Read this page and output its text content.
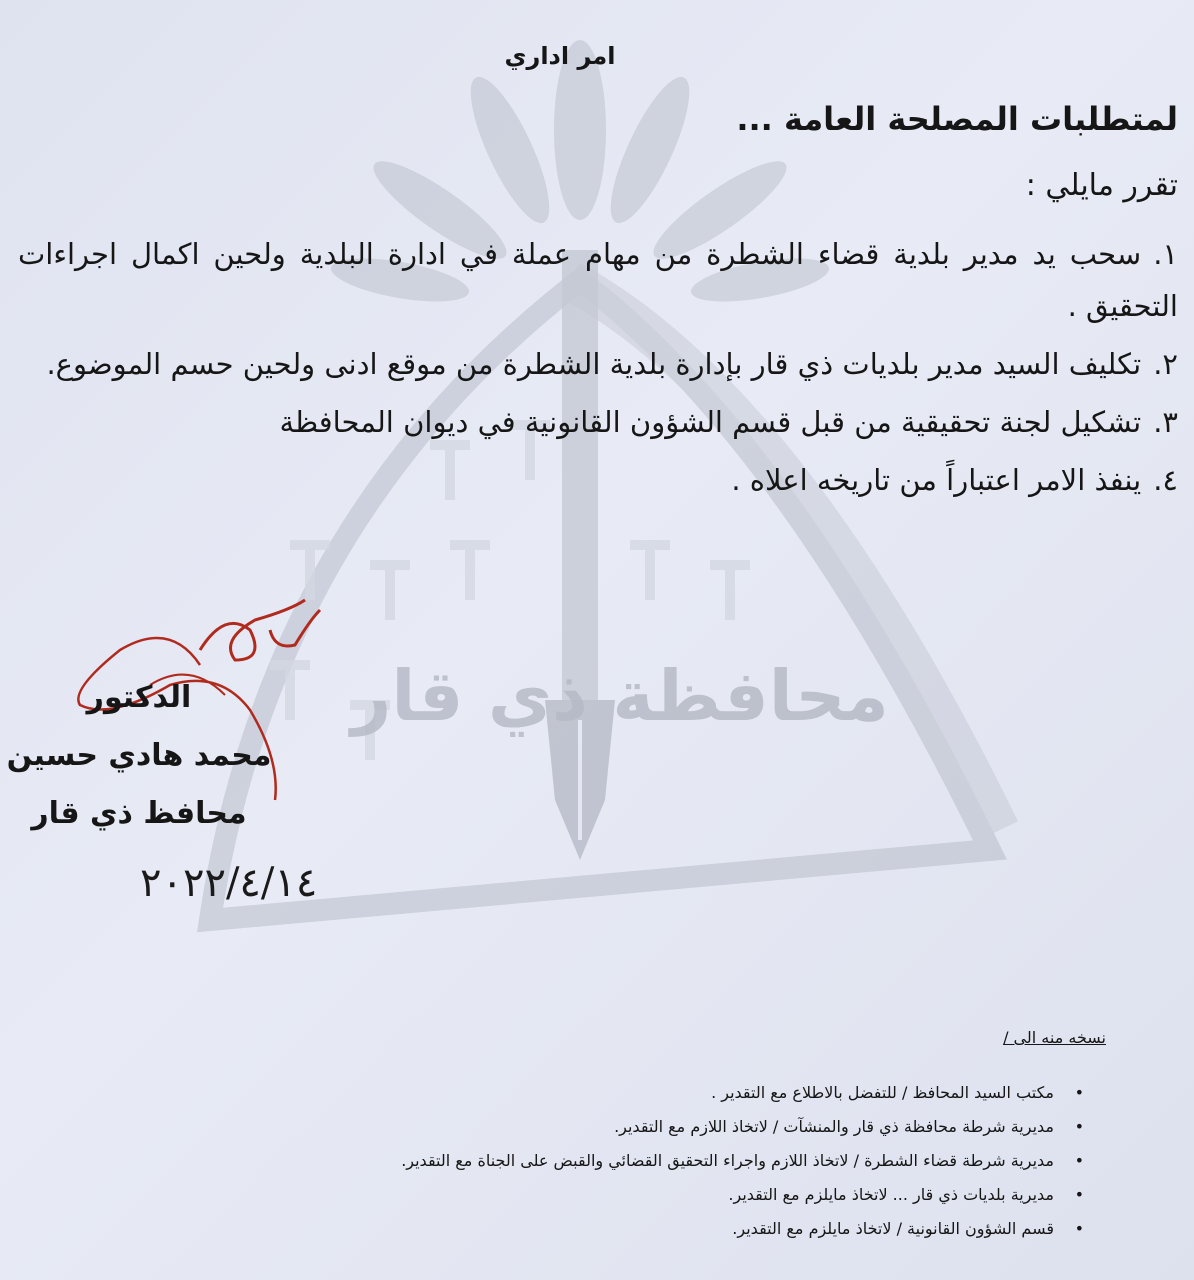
محافظة ذي قار
امر اداري
لمتطلبات المصلحة العامة ...
تقرر مايلي :
١.سحب يد مدير بلدية قضاء الشطرة من مهام عملة في ادارة البلدية ولحين اكمال اجراءات التحقيق .
٢.تكليف السيد مدير بلديات ذي قار بإدارة بلدية الشطرة من موقع ادنى ولحين حسم الموضوع.
٣.تشكيل لجنة تحقيقية من قبل قسم الشؤون القانونية في ديوان المحافظة
٤.ينفذ الامر اعتباراً من تاريخه اعلاه .
الدكتور
محمد هادي حسين
محافظ ذي قار
٢٠٢٢/٤/١٤
نسخه منه الى /
•
مكتب السيد المحافظ / للتفضل بالاطلاع مع التقدير .
•
مديرية شرطة محافظة ذي قار والمنشآت / لاتخاذ اللازم مع التقدير.
•
مديرية شرطة قضاء الشطرة / لاتخاذ اللازم واجراء التحقيق القضائي والقبض على الجناة مع التقدير.
•
مديرية بلديات ذي قار ... لاتخاذ مايلزم مع التقدير.
•
قسم الشؤون القانونية / لاتخاذ مايلزم مع التقدير.
